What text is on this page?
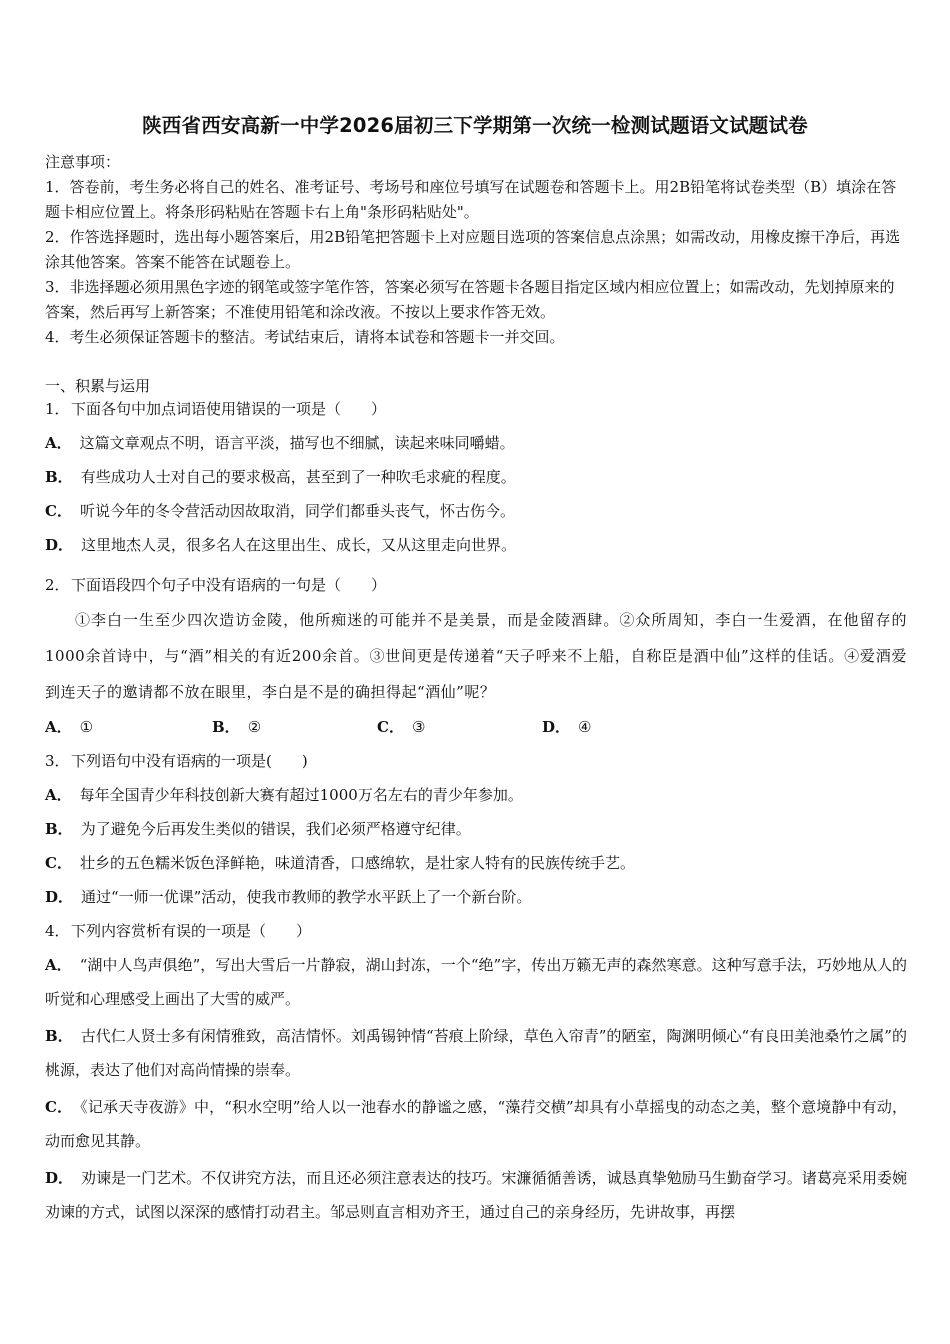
陕西省西安高新一中学2026届初三下学期第一次统一检测试题语文试题试卷

注意事项：

1．答卷前，考生务必将自己的姓名、准考证号、考场号和座位号填写在试题卷和答题卡上。用2B铅笔将试卷类型（B）填涂在答题卡相应位置上。将条形码粘贴在答题卡右上角"条形码粘贴处"。

2．作答选择题时，选出每小题答案后，用2B铅笔把答题卡上对应题目选项的答案信息点涂黑；如需改动，用橡皮擦干净后，再选涂其他答案。答案不能答在试题卷上。

3．非选择题必须用黑色字迹的钢笔或签字笔作答，答案必须写在答题卡各题目指定区域内相应位置上；如需改动，先划掉原来的答案，然后再写上新答案；不准使用铅笔和涂改液。不按以上要求作答无效。

4．考生必须保证答题卡的整洁。考试结束后，请将本试卷和答题卡一并交回。

一、积累与运用
1．下面各句中加点词语使用错误的一项是（　　）
A． 这篇文章观点不明，语言平淡，描写也不细腻，读起来味同嚼蜡。
B． 有些成功人士对自己的要求极高，甚至到了一种吹毛求疵的程度。
C． 听说今年的冬令营活动因故取消，同学们都垂头丧气，怀古伤今。
D． 这里地杰人灵，很多名人在这里出生、成长，又从这里走向世界。
2．下面语段四个句子中没有语病的一句是（　　）

①李白一生至少四次造访金陵，他所痴迷的可能并不是美景，而是金陵酒肆。②众所周知，李白一生爱酒，在他留存的1000余首诗中，与“酒”相关的有近200余首。③世间更是传递着“天子呼来不上船，自称臣是酒中仙”这样的佳话。④爱酒爱到连天子的邀请都不放在眼里，李白是不是的确担得起“酒仙”呢？

A． ①	B． ②	C． ③	D． ④
3．下列语句中没有语病的一项是(　　)
A． 每年全国青少年科技创新大赛有超过1000万名左右的青少年参加。
B． 为了避免今后再发生类似的错误，我们必须严格遵守纪律。
C． 壮乡的五色糯米饭色泽鲜艳，味道清香，口感绵软，是壮家人特有的民族传统手艺。
D． 通过“一师一优课”活动，使我市教师的教学水平跃上了一个新台阶。
4．下列内容赏析有误的一项是（　　）

A． “湖中人鸟声俱绝”，写出大雪后一片静寂，湖山封冻，一个“绝”字，传出万籁无声的森然寒意。这种写意手法，巧妙地从人的听觉和心理感受上画出了大雪的威严。

B． 古代仁人贤士多有闲情雅致，高洁情怀。刘禹锡钟情“苔痕上阶绿，草色入帘青”的陋室，陶渊明倾心“有良田美池桑竹之属”的桃源，表达了他们对高尚情操的崇奉。

C． 《记承天寺夜游》中，“积水空明”给人以一池春水的静谧之感，“藻荇交横”却具有小草摇曳的动态之美，整个意境静中有动，动而愈见其静。

D． 劝谏是一门艺术。不仅讲究方法，而且还必须注意表达的技巧。宋濂循循善诱，诚恳真挚勉励马生勤奋学习。诸葛亮采用委婉劝谏的方式，试图以深深的感情打动君主。邹忌则直言相劝齐王，通过自己的亲身经历，先讲故事，再摆
